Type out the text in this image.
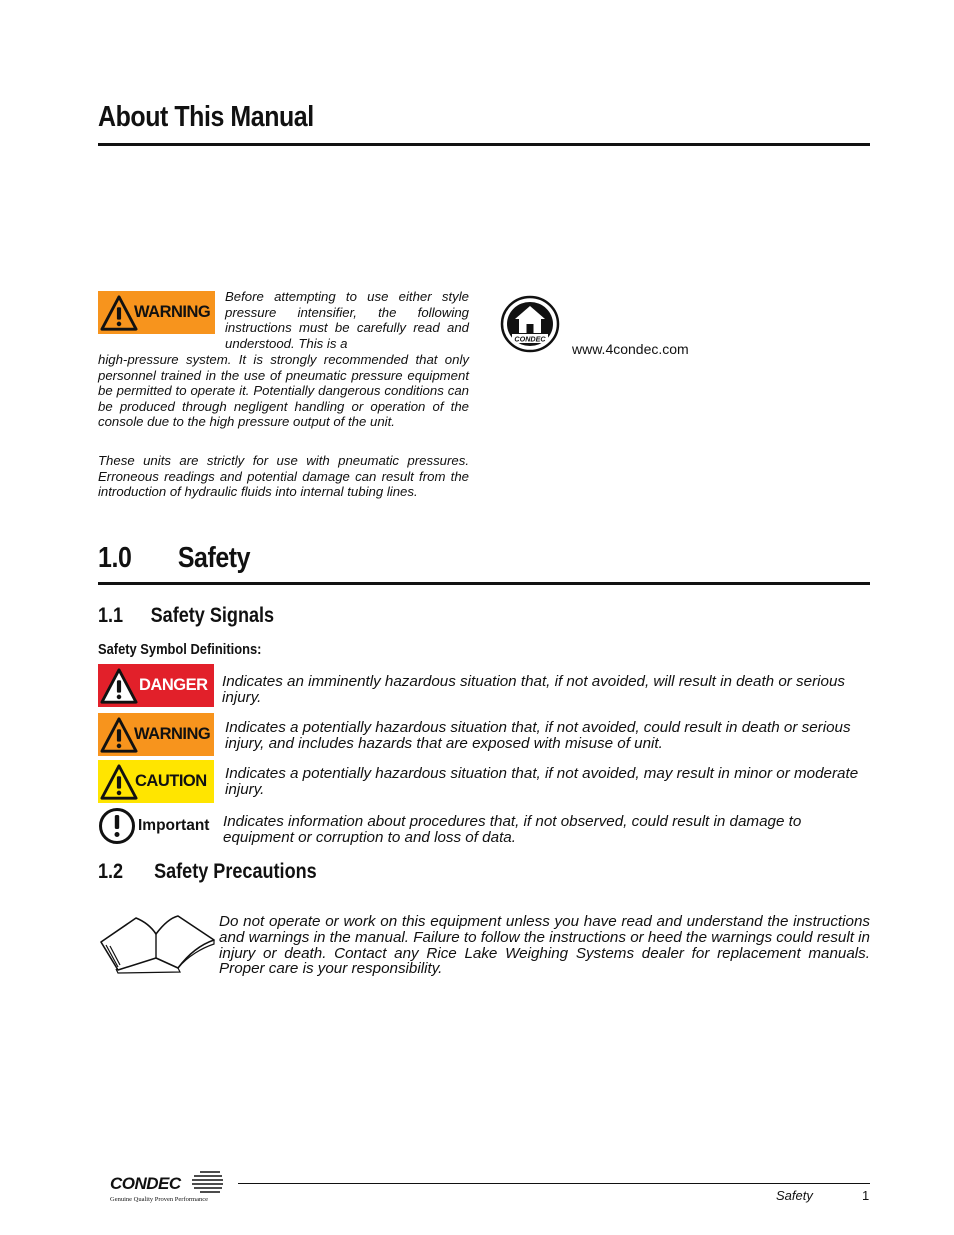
About This Manual
WARNING
Before attempting to use either style pressure intensifier, the following instructions must be carefully read and understood. This is a
high-pressure system. It is strongly recommended that only personnel trained in the use of pneumatic pressure equipment be permitted to operate it. Potentially dangerous conditions can be produced through negligent handling or operation of the console due to the high pressure output of the unit.
These units are strictly for use with pneumatic pressures. Erroneous readings and potential damage can result from the introduction of hydraulic fluids into internal tubing lines.
CONDEC
www.4condec.com
1.0 Safety
1.1 Safety Signals
Safety Symbol Definitions:
DANGER Indicates an imminently hazardous situation that, if not avoided, will result in death or serious injury.
WARNING Indicates a potentially hazardous situation that, if not avoided, could result in death or serious injury, and includes hazards that are exposed with misuse of unit.
CAUTION Indicates a potentially hazardous situation that, if not avoided, may result in minor or moderate injury.
Important Indicates information about procedures that, if not observed, could result in damage to equipment or corruption to and loss of data.
1.2 Safety Precautions
Do not operate or work on this equipment unless you have read and understand the instructions and warnings in the manual. Failure to follow the instructions or heed the warnings could result in injury or death. Contact any Rice Lake Weighing Systems dealer for replacement manuals. Proper care is your responsibility.
CONDEC
Genuine Quality Proven Performance	Safety	1
